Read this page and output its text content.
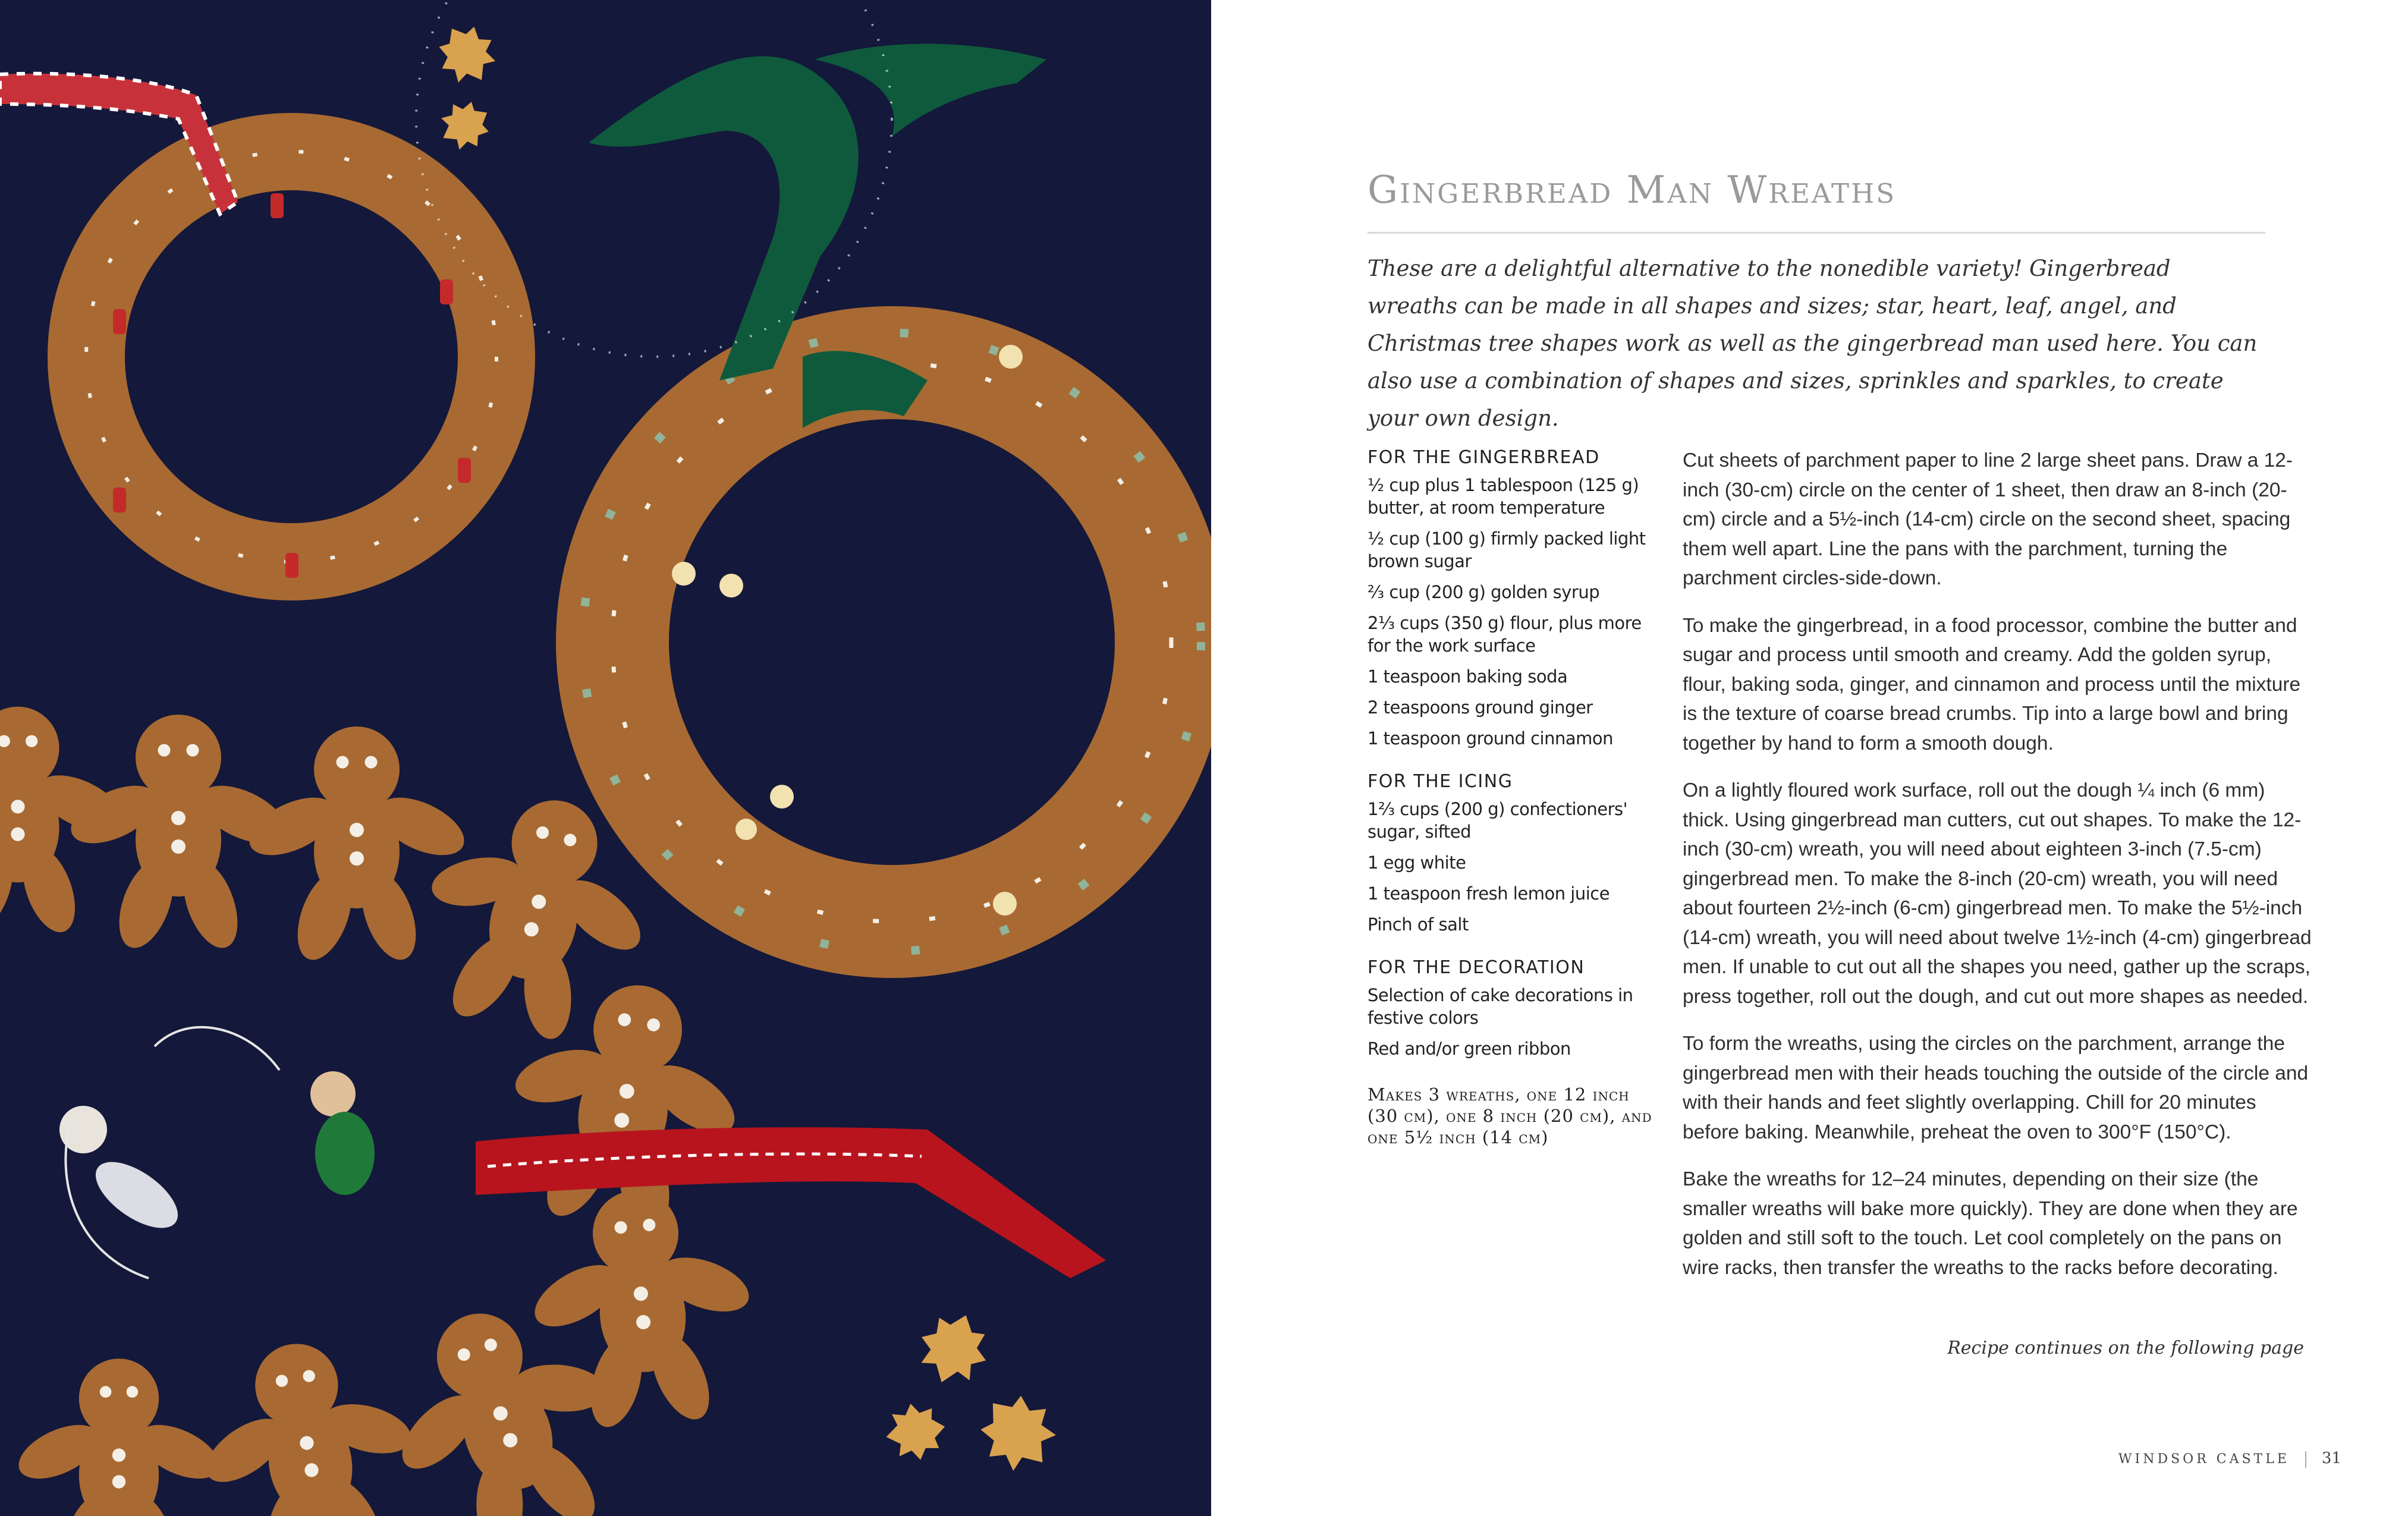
Gingerbread Man Wreaths

These are a delightful alternative to the nonedible variety! Gingerbread wreaths can be made in all shapes and sizes; star, heart, leaf, angel, and Christmas tree shapes work as well as the gingerbread man used here. You can also use a combination of shapes and sizes, sprinkles and sparkles, to create your own design.

FOR THE GINGERBREAD
½ cup plus 1 tablespoon (125 g) butter, at room temperature
½ cup (100 g) firmly packed light brown sugar
⅔ cup (200 g) golden syrup
2⅓ cups (350 g) flour, plus more for the work surface
1 teaspoon baking soda
2 teaspoons ground ginger
1 teaspoon ground cinnamon
FOR THE ICING
1⅔ cups (200 g) confectioners' sugar, sifted
1 egg white
1 teaspoon fresh lemon juice
Pinch of salt
FOR THE DECORATION
Selection of cake decorations in festive colors
Red and/or green ribbon
Makes 3 wreaths, one 12 inch (30 cm), one 8 inch (20 cm), and one 5½ inch (14 cm)

Cut sheets of parchment paper to line 2 large sheet pans. Draw a 12-inch (30-cm) circle on the center of 1 sheet, then draw an 8-inch (20-cm) circle and a 5½-inch (14-cm) circle on the second sheet, spacing them well apart. Line the pans with the parchment, turning the parchment circles-side-down.

To make the gingerbread, in a food processor, combine the butter and sugar and process until smooth and creamy. Add the golden syrup, flour, baking soda, ginger, and cinnamon and process until the mixture is the texture of coarse bread crumbs. Tip into a large bowl and bring together by hand to form a smooth dough.

On a lightly floured work surface, roll out the dough ¼ inch (6 mm) thick. Using gingerbread man cutters, cut out shapes. To make the 12-inch (30-cm) wreath, you will need about eighteen 3-inch (7.5-cm) gingerbread men. To make the 8-inch (20-cm) wreath, you will need about fourteen 2½-inch (6-cm) gingerbread men. To make the 5½-inch (14-cm) wreath, you will need about twelve 1½-inch (4-cm) gingerbread men. If unable to cut out all the shapes you need, gather up the scraps, press together, roll out the dough, and cut out more shapes as needed.

To form the wreaths, using the circles on the parchment, arrange the gingerbread men with their heads touching the outside of the circle and with their hands and feet slightly overlapping. Chill for 20 minutes before baking. Meanwhile, preheat the oven to 300°F (150°C).

Bake the wreaths for 12–24 minutes, depending on their size (the smaller wreaths will bake more quickly). They are done when they are golden and still soft to the touch. Let cool completely on the pans on wire racks, then transfer the wreaths to the racks before decorating.

Recipe continues on the following page
WINDSOR CASTLE 31
